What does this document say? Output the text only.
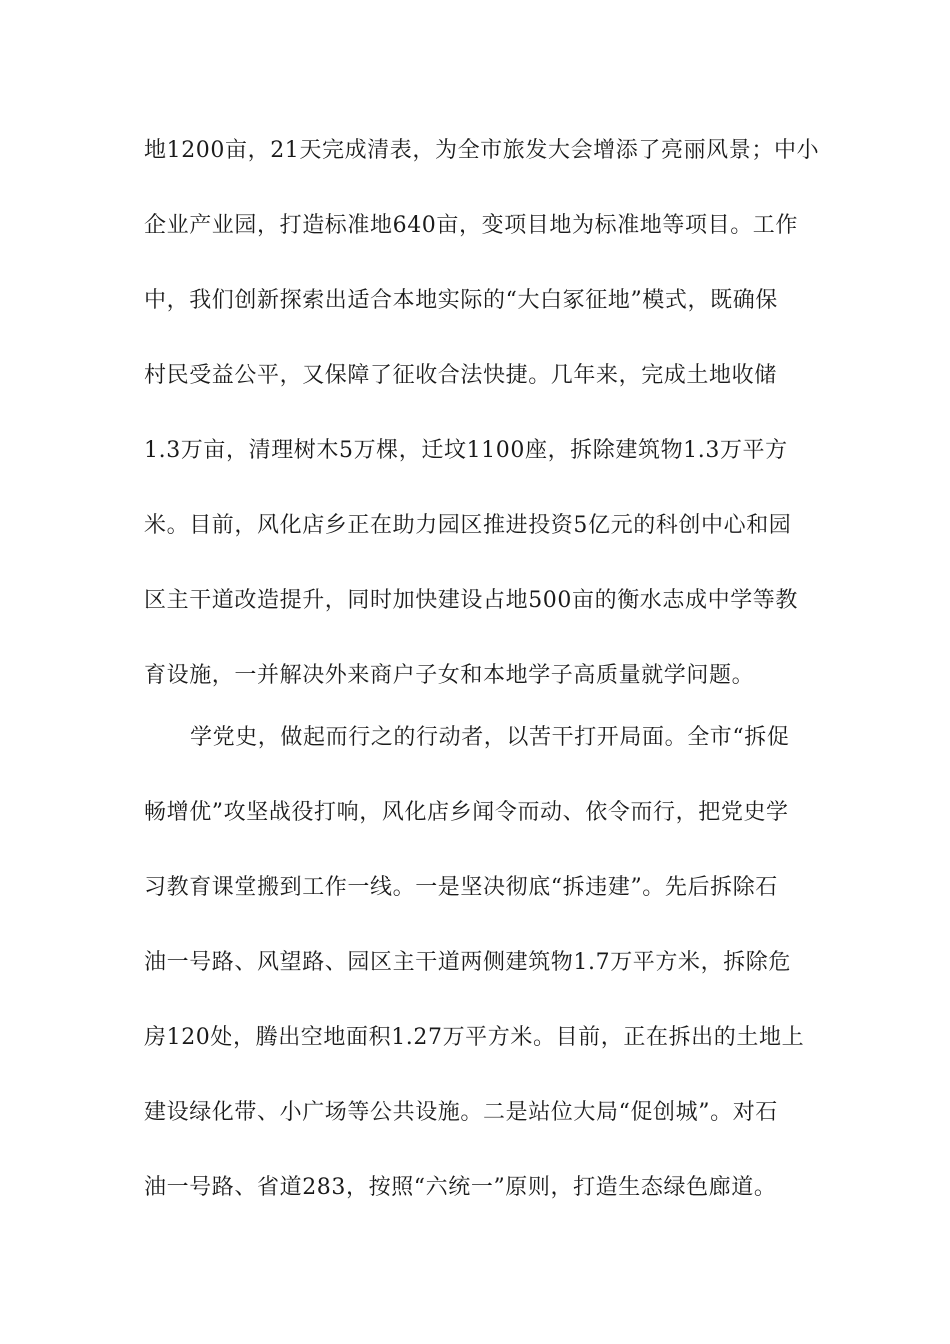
地1200亩，21天完成清表，为全市旅发大会增添了亮丽风景；中小
企业产业园，打造标准地640亩，变项目地为标准地等项目。工作
中，我们创新探索出适合本地实际的“大白冢征地”模式，既确保
村民受益公平，又保障了征收合法快捷。几年来，完成土地收储
1.3万亩，清理树木5万棵，迁坟1100座，拆除建筑物1.3万平方
米。目前，风化店乡正在助力园区推进投资5亿元的科创中心和园
区主干道改造提升，同时加快建设占地500亩的衡水志成中学等教
育设施，一并解决外来商户子女和本地学子高质量就学问题。
学党史，做起而行之的行动者，以苦干打开局面。全市“拆促
畅增优”攻坚战役打响，风化店乡闻令而动、依令而行，把党史学
习教育课堂搬到工作一线。一是坚决彻底“拆违建”。先后拆除石
油一号路、风望路、园区主干道两侧建筑物1.7万平方米，拆除危
房120处，腾出空地面积1.27万平方米。目前，正在拆出的土地上
建设绿化带、小广场等公共设施。二是站位大局“促创城”。对石
油一号路、省道283，按照“六统一”原则，打造生态绿色廊道。
